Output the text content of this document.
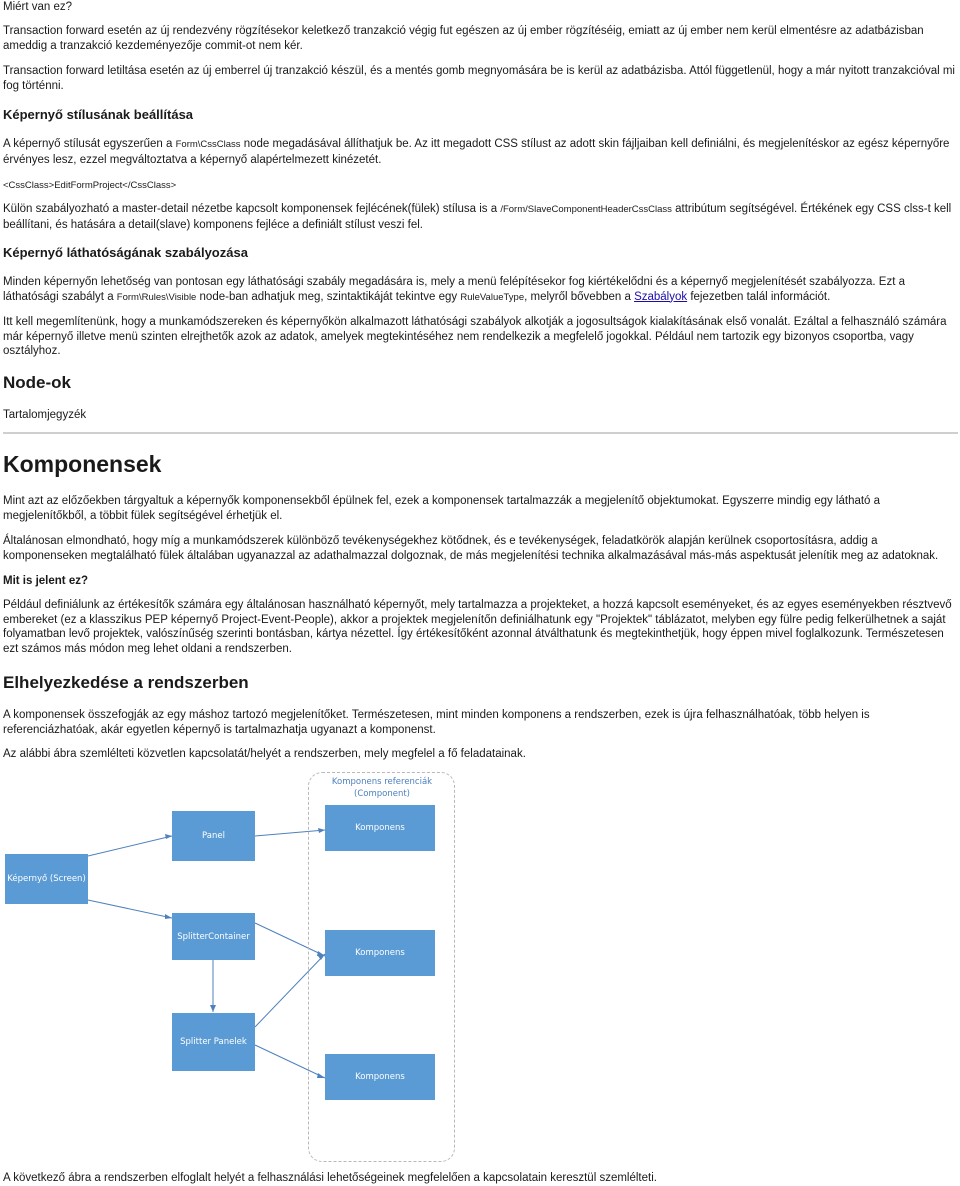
Miért van ez?

Transaction forward esetén az új rendezvény rögzítésekor keletkező tranzakció végig fut egészen az új ember rögzítéséig, emiatt az új ember nem kerül elmentésre az adatbázisban ameddig a tranzakció kezdeményezője commit-ot nem kér.

Transaction forward letiltása esetén az új emberrel új tranzakció készül, és a mentés gomb megnyomására be is kerül az adatbázisba. Attól függetlenül, hogy a már nyitott tranzakcióval mi fog történni.

Képernyő stílusának beállítása

A képernyő stílusát egyszerűen a Form\CssClass node megadásával állíthatjuk be. Az itt megadott CSS stílust az adott skin fájljaiban kell definiálni, és megjelenítéskor az egész képernyőre érvényes lesz, ezzel megváltoztatva a képernyő alapértelmezett kinézetét.

<CssClass>EditFormProject</CssClass>

Külön szabályozható a master-detail nézetbe kapcsolt komponensek fejlécének(fülek) stílusa is a /Form/SlaveComponentHeaderCssClass attribútum segítségével. Értékének egy CSS clss-t kell beállítani, és hatására a detail(slave) komponens fejléce a definiált stílust veszi fel.

Képernyő láthatóságának szabályozása

Minden képernyőn lehetőség van pontosan egy láthatósági szabály megadására is, mely a menü felépítésekor fog kiértékelődni és a képernyő megjelenítését szabályozza. Ezt a láthatósági szabályt a Form\Rules\Visible node-ban adhatjuk meg, szintaktikáját tekintve egy RuleValueType, melyről bővebben a Szabályok fejezetben talál információt.

Itt kell megemlítenünk, hogy a munkamódszereken és képernyőkön alkalmazott láthatósági szabályok alkotják a jogosultságok kialakításának első vonalát. Ezáltal a felhasználó számára már képernyő illetve menü szinten elrejthetők azok az adatok, amelyek megtekintéséhez nem rendelkezik a megfelelő jogokkal. Például nem tartozik egy bizonyos csoportba, vagy osztályhoz.

Node-ok

Tartalomjegyzék

Komponensek

Mint azt az előzőekben tárgyaltuk a képernyők komponensekből épülnek fel, ezek a komponensek tartalmazzák a megjelenítő objektumokat. Egyszerre mindig egy látható a megjelenítőkből, a többit fülek segítségével érhetjük el.

Általánosan elmondható, hogy míg a munkamódszerek különböző tevékenységekhez kötődnek, és e tevékenységek, feladatkörök alapján kerülnek csoportosításra, addig a komponenseken megtalálható fülek általában ugyanazzal az adathalmazzal dolgoznak, de más megjelenítési technika alkalmazásával más-más aspektusát jelenítik meg az adatoknak.

Mit is jelent ez?

Például definiálunk az értékesítők számára egy általánosan használható képernyőt, mely tartalmazza a projekteket, a hozzá kapcsolt eseményeket, és az egyes eseményekben résztvevő embereket (ez a klasszikus PEP képernyő Project-Event-People), akkor a projektek megjelenítőn definiálhatunk egy "Projektek" táblázatot, melyben egy fülre pedig felkerülhetnek a saját folyamatban levő projektek, valószínűség szerinti bontásban, kártya nézettel. Így értékesítőként azonnal átválthatunk és megtekinthetjük, hogy éppen mivel foglalkozunk. Természetesen ezt számos más módon meg lehet oldani a rendszerben.

Elhelyezkedése a rendszerben

A komponensek összefogják az egy máshoz tartozó megjelenítőket. Természetesen, mint minden komponens a rendszerben, ezek is újra felhasználhatóak, több helyen is referenciázhatóak, akár egyetlen képernyő is tartalmazhatja ugyanazt a komponenst.

Az alábbi ábra szemlélteti közvetlen kapcsolatát/helyét a rendszerben, mely megfelel a fő feladatainak.

Komponens referenciák
(Component)
Képernyő (Screen)
Panel
SplitterContainer
Splitter Panelek
Komponens
Komponens
Komponens

A következő ábra a rendszerben elfoglalt helyét a felhasználási lehetőségeinek megfelelően a kapcsolatain keresztül szemlélteti.
